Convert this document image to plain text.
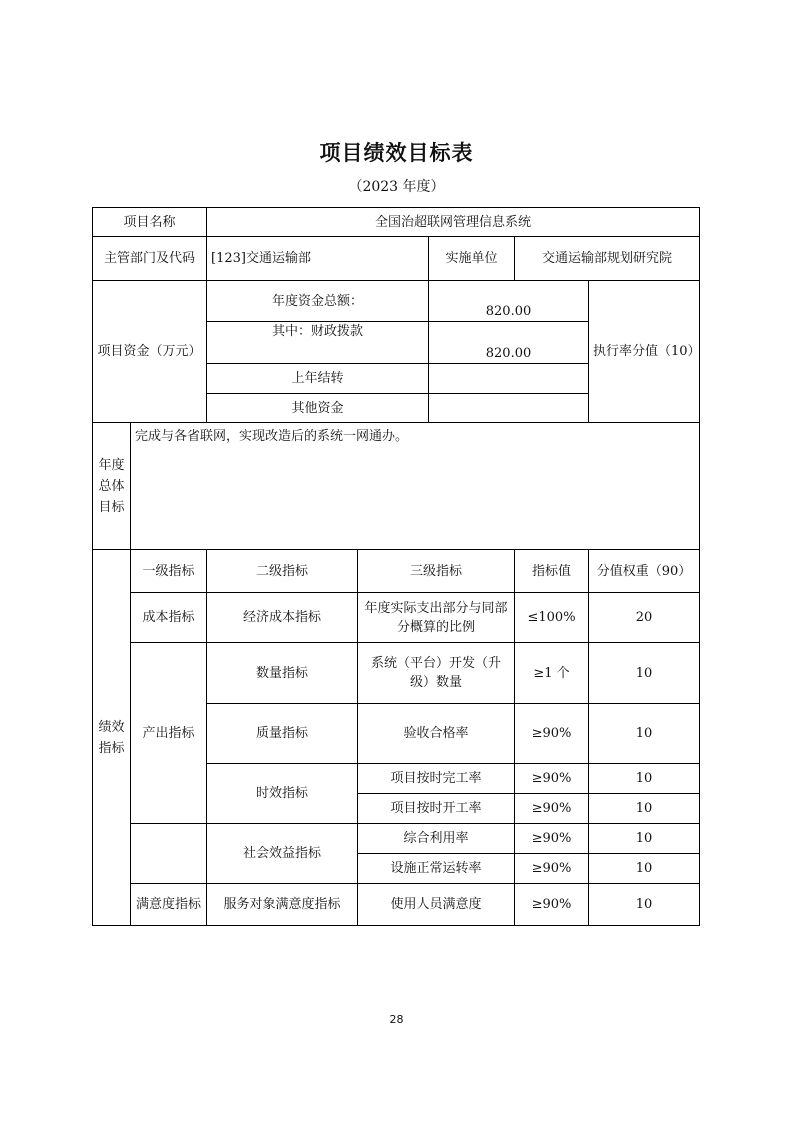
项目绩效目标表
（2023 年度）
项目名称		全国治超联网管理信息系统				
主管部门及代码		[123]交通运输部		实施单位	交通运输部规划研究院	
项目资金（万元）		年度资金总额：		820.00		执行率分值（10）
		其中：财政拨款		820.00		
		上年结转				
		其他资金				
年度总体目标	完成与各省联网，实现改造后的系统一网通办。					
绩效指标	一级指标	二级指标	三级指标		指标值	分值权重（90）
	成本指标	经济成本指标	年度实际支出部分与同部分概算的比例		≤100%	20
	产出指标	数量指标	系统（平台）开发（升级）数量		≥1 个	10
		质量指标	验收合格率		≥90%	10
		时效指标	项目按时完工率		≥90%	10
			项目按时开工率		≥90%	10
		社会效益指标	综合利用率		≥90%	10
			设施正常运转率		≥90%	10
	满意度指标	服务对象满意度指标	使用人员满意度		≥90%	10
28
